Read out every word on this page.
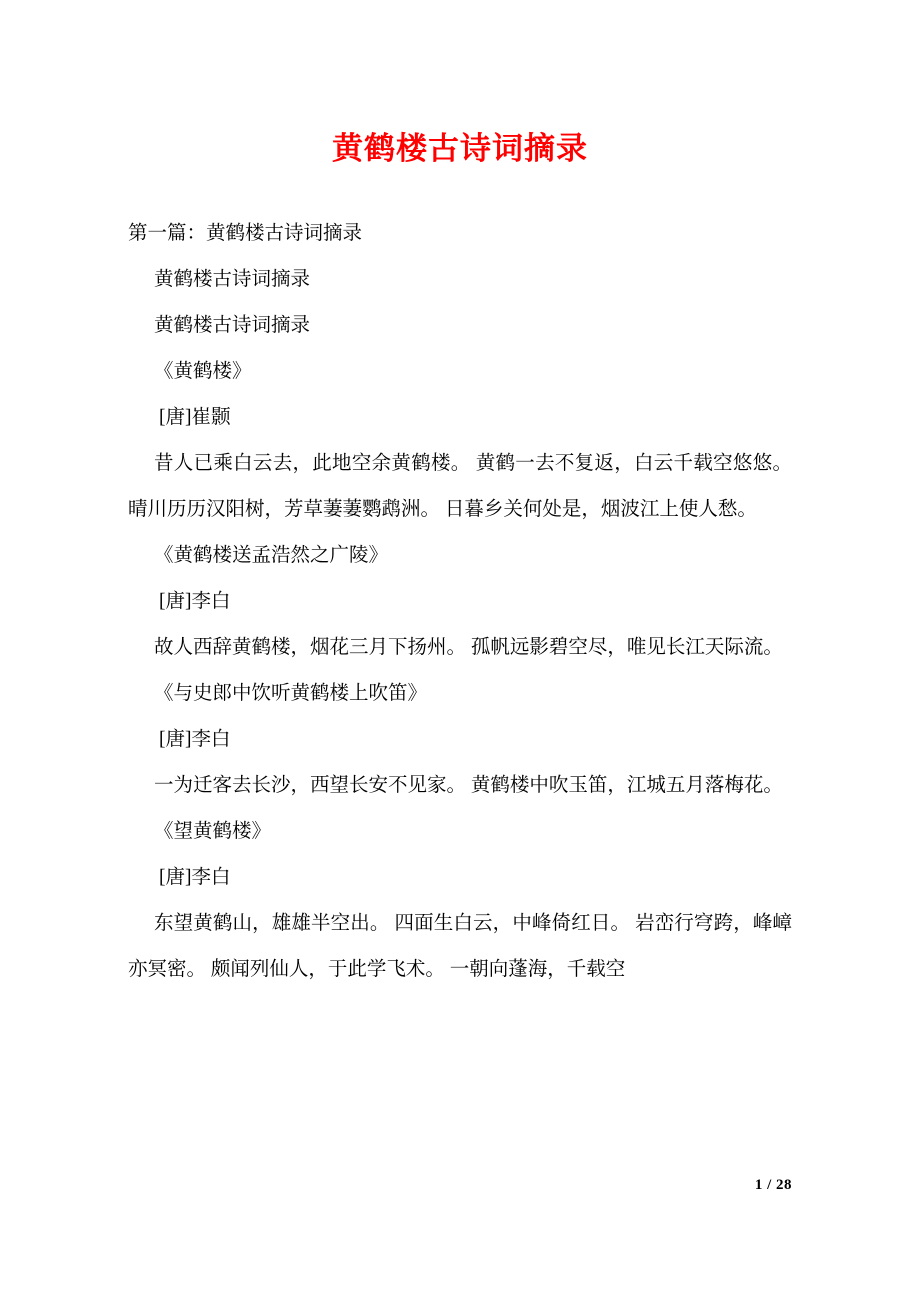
黄鹤楼古诗词摘录

第一篇：黄鹤楼古诗词摘录

黄鹤楼古诗词摘录

黄鹤楼古诗词摘录

《黄鹤楼》

[唐]崔颢

昔人已乘白云去，此地空余黄鹤楼。 黄鹤一去不复返，白云千载空悠悠。 晴川历历汉阳树，芳草萋萋鹦鹉洲。 日暮乡关何处是，烟波江上使人愁。

《黄鹤楼送孟浩然之广陵》

[唐]李白

故人西辞黄鹤楼，烟花三月下扬州。 孤帆远影碧空尽，唯见长江天际流。

《与史郎中饮听黄鹤楼上吹笛》

[唐]李白

一为迁客去长沙，西望长安不见家。 黄鹤楼中吹玉笛，江城五月落梅花。

《望黄鹤楼》

[唐]李白

东望黄鹤山，雄雄半空出。 四面生白云，中峰倚红日。 岩峦行穹跨，峰嶂亦冥密。 颇闻列仙人，于此学飞术。 一朝向蓬海，千载空

1 / 28
